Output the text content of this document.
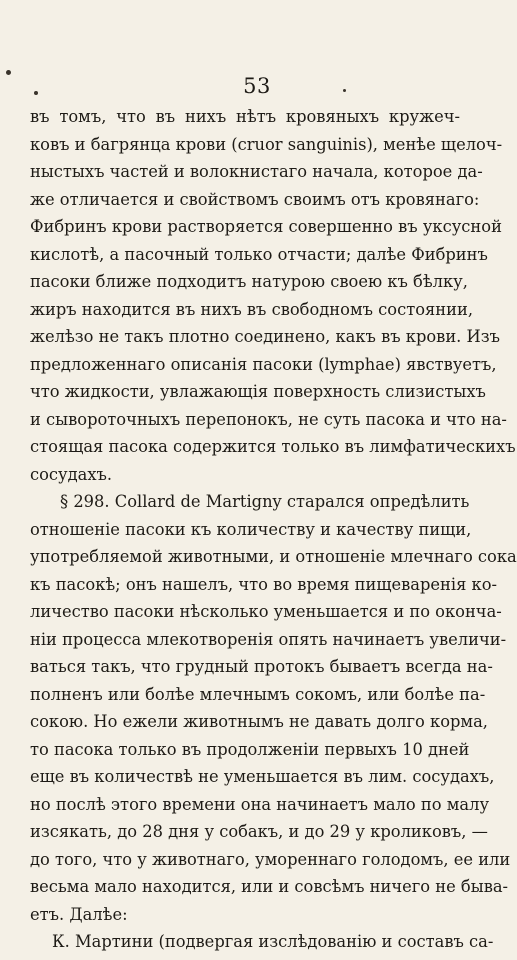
53
въ томъ, что въ нихъ нѣтъ кровяныхъ кружеч-
ковъ и багрянца крови (cruor sanguinis), менѣе щелоч-
ныстыхъ частей и волокнистаго начала, которое да-
же отличается и свойствомъ своимъ отъ кровянаго:
Фибринъ крови растворяется совершенно въ уксусной
кислотѣ, а пасочный только отчасти; далѣе Фибринъ
пасоки ближе подходитъ натурою своею къ бѣлку,
жиръ находится въ нихъ въ свободномъ состоянии,
желѣзо не такъ плотно соединено, какъ въ крови. Изъ
предложеннаго описанія пасоки (lymphae) явствуетъ,
что жидкости, увлажающія поверхность слизистыхъ
и сывороточныхъ перепонокъ, не суть пасока и что на-
стоящая пасока содержится только въ лимфатическихъ
сосудахъ.
§ 298. Collard de Martigny старался опредѣлить
отношеніе пасоки къ количеству и качеству пищи,
употребляемой животными, и отношеніе млечнаго сока
къ пасокѣ; онъ нашелъ, что во время пищеваренія ко-
личество пасоки нѣсколько уменьшается и по оконча-
ніи процесса млекотворенія опять начинаетъ увеличи-
ваться такъ, что грудный протокъ бываетъ всегда на-
полненъ или болѣе млечнымъ сокомъ, или болѣе па-
сокою. Но ежели животнымъ не давать долго корма,
то пасока только въ продолженіи первыхъ 10 дней
еще въ количествѣ не уменьшается въ лим. сосудахъ,
но послѣ этого времени она начинаетъ мало по малу
изсякать, до 28 дня у собакъ, и до 29 у кроликовъ, —
до того, что у животнаго, умореннаго голодомъ, ее или
весьма мало находится, или и совсѣмъ ничего не быва-
етъ. Далѣе:
К. Мартини (подвергая изслѣдованію и составъ са-
